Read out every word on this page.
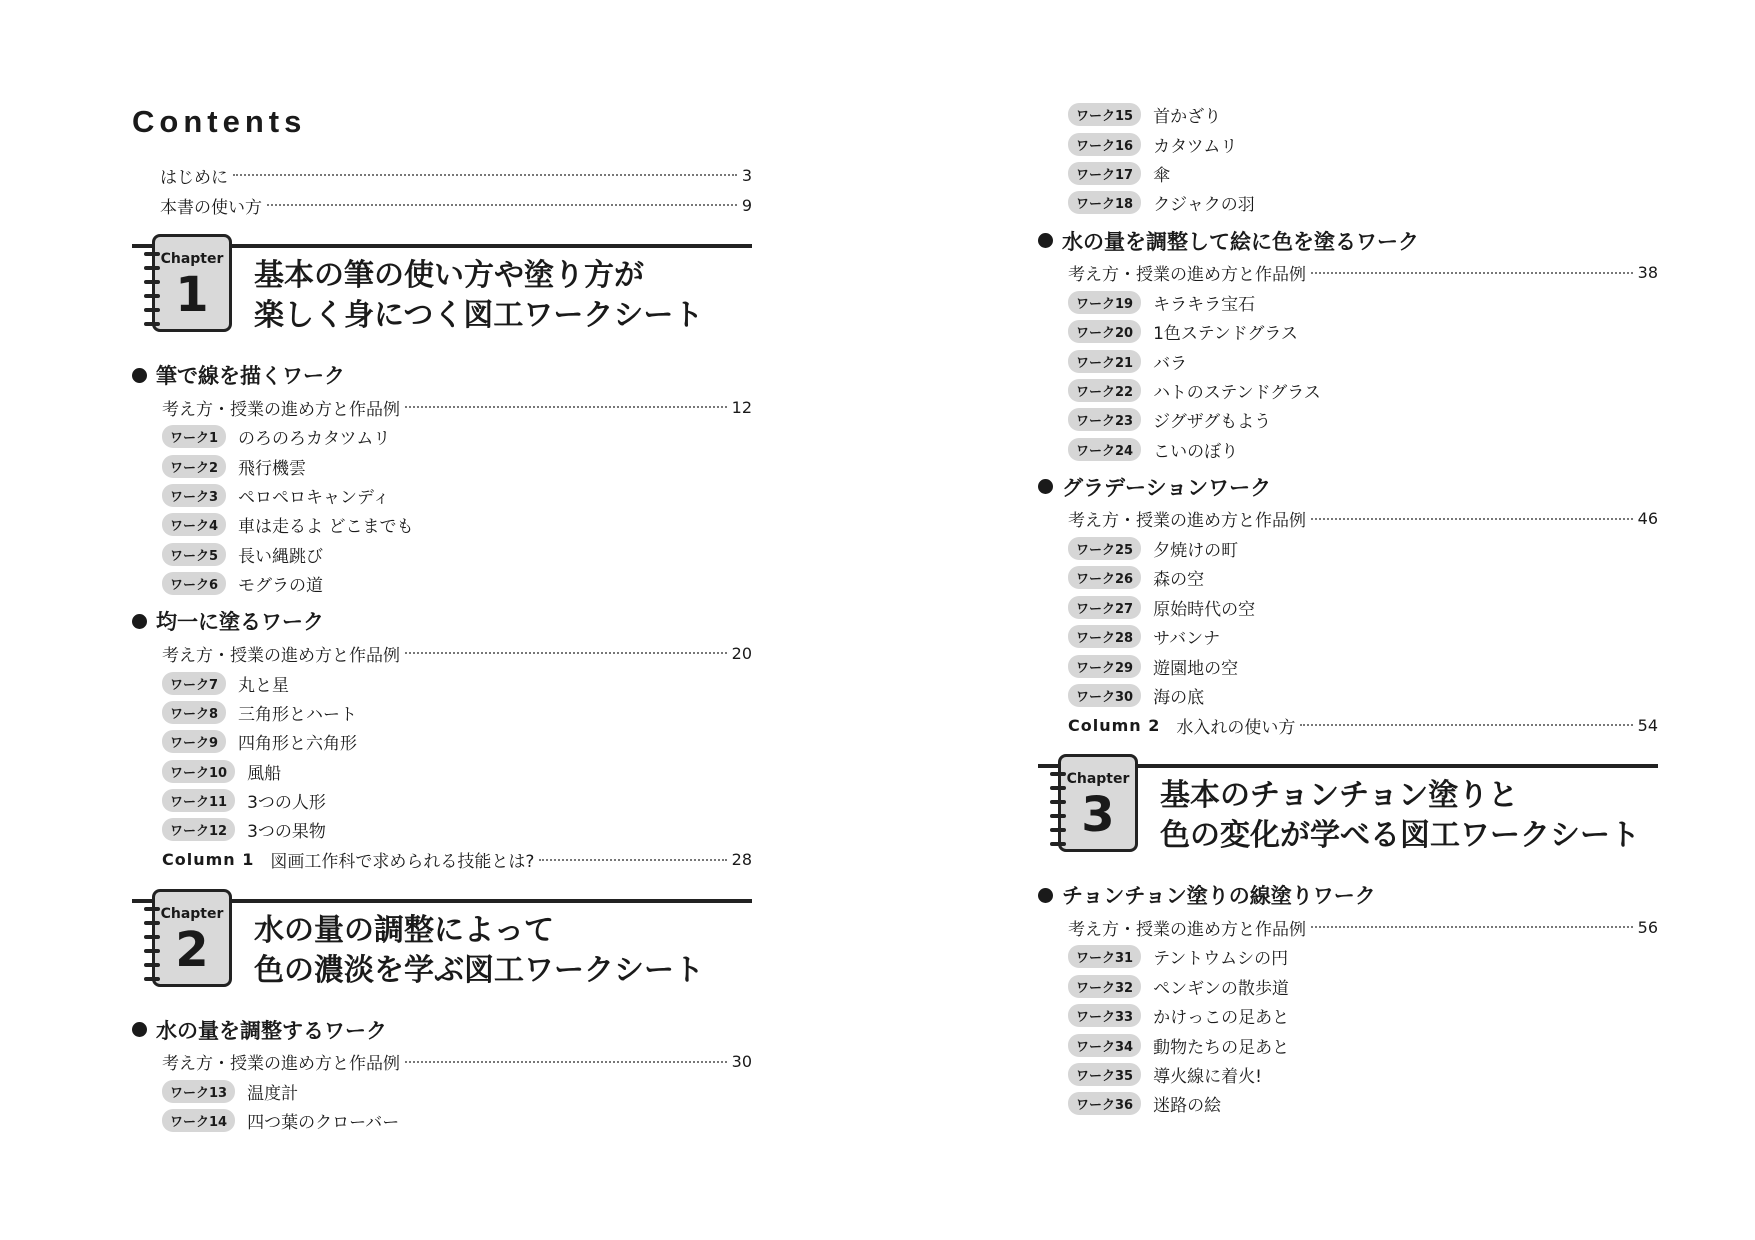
Contents
はじめに	3
本書の使い方	9
Chapter
1	基本の筆の使い方や塗り方が
楽しく身につく図工ワークシート
筆で線を描くワーク
考え方・授業の進め方と作品例	12
ワーク1	のろのろカタツムリ
ワーク2	飛行機雲
ワーク3	ペロペロキャンディ
ワーク4	車は走るよ どこまでも
ワーク5	長い縄跳び
ワーク6	モグラの道
均一に塗るワーク
考え方・授業の進め方と作品例	20
ワーク7	丸と星
ワーク8	三角形とハート
ワーク9	四角形と六角形
ワーク10	風船
ワーク11	3つの人形
ワーク12	3つの果物
Column 1 図画工作科で求められる技能とは?	28
Chapter
2	水の量の調整によって
色の濃淡を学ぶ図工ワークシート
水の量を調整するワーク
考え方・授業の進め方と作品例	30
ワーク13	温度計
ワーク14	四つ葉のクローバー
ワーク15	首かざり
ワーク16	カタツムリ
ワーク17	傘
ワーク18	クジャクの羽
水の量を調整して絵に色を塗るワーク
考え方・授業の進め方と作品例	38
ワーク19	キラキラ宝石
ワーク20	1色ステンドグラス
ワーク21	バラ
ワーク22	ハトのステンドグラス
ワーク23	ジグザグもよう
ワーク24	こいのぼり
グラデーションワーク
考え方・授業の進め方と作品例	46
ワーク25	夕焼けの町
ワーク26	森の空
ワーク27	原始時代の空
ワーク28	サバンナ
ワーク29	遊園地の空
ワーク30	海の底
Column 2 水入れの使い方	54
Chapter
3	基本のチョンチョン塗りと
色の変化が学べる図工ワークシート
チョンチョン塗りの線塗りワーク
考え方・授業の進め方と作品例	56
ワーク31	テントウムシの円
ワーク32	ペンギンの散歩道
ワーク33	かけっこの足あと
ワーク34	動物たちの足あと
ワーク35	導火線に着火!
ワーク36	迷路の絵
